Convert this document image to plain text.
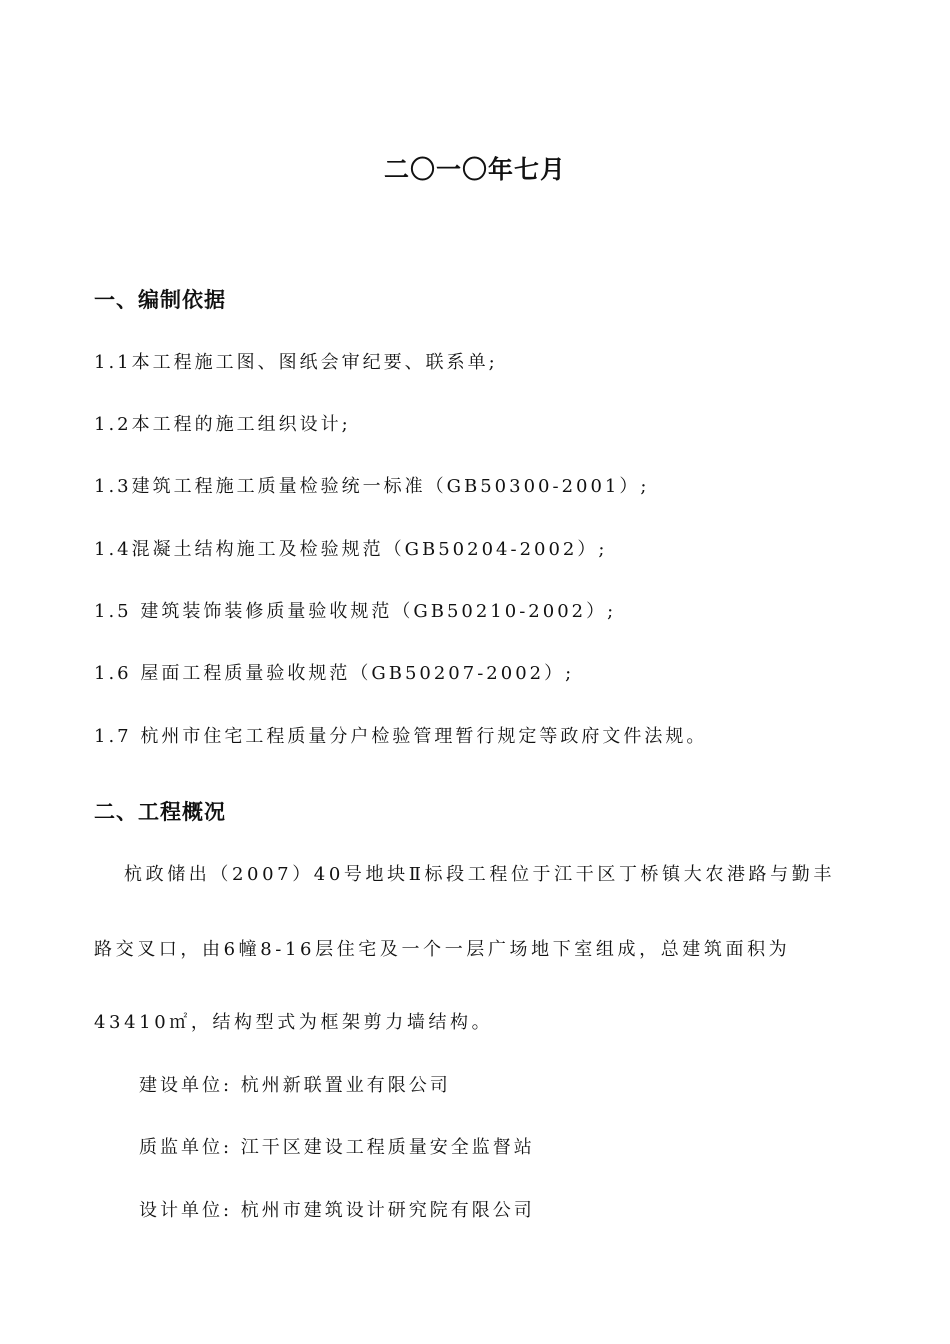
二〇一〇年七月
一、编制依据
1.1本工程施工图、图纸会审纪要、联系单;
1.2本工程的施工组织设计;
1.3建筑工程施工质量检验统一标准（GB50300-2001）;
1.4混凝土结构施工及检验规范（GB50204-2002）;
1.5 建筑装饰装修质量验收规范（GB50210-2002）;
1.6 屋面工程质量验收规范（GB50207-2002）;
1.7 杭州市住宅工程质量分户检验管理暂行规定等政府文件法规。
二、工程概况
杭政储出（2007）40号地块Ⅱ标段工程位于江干区丁桥镇大农港路与勤丰
路交叉口，由6幢8-16层住宅及一个一层广场地下室组成，总建筑面积为
43410㎡，结构型式为框架剪力墙结构。
建设单位: 杭州新联置业有限公司
质监单位: 江干区建设工程质量安全监督站
设计单位: 杭州市建筑设计研究院有限公司
